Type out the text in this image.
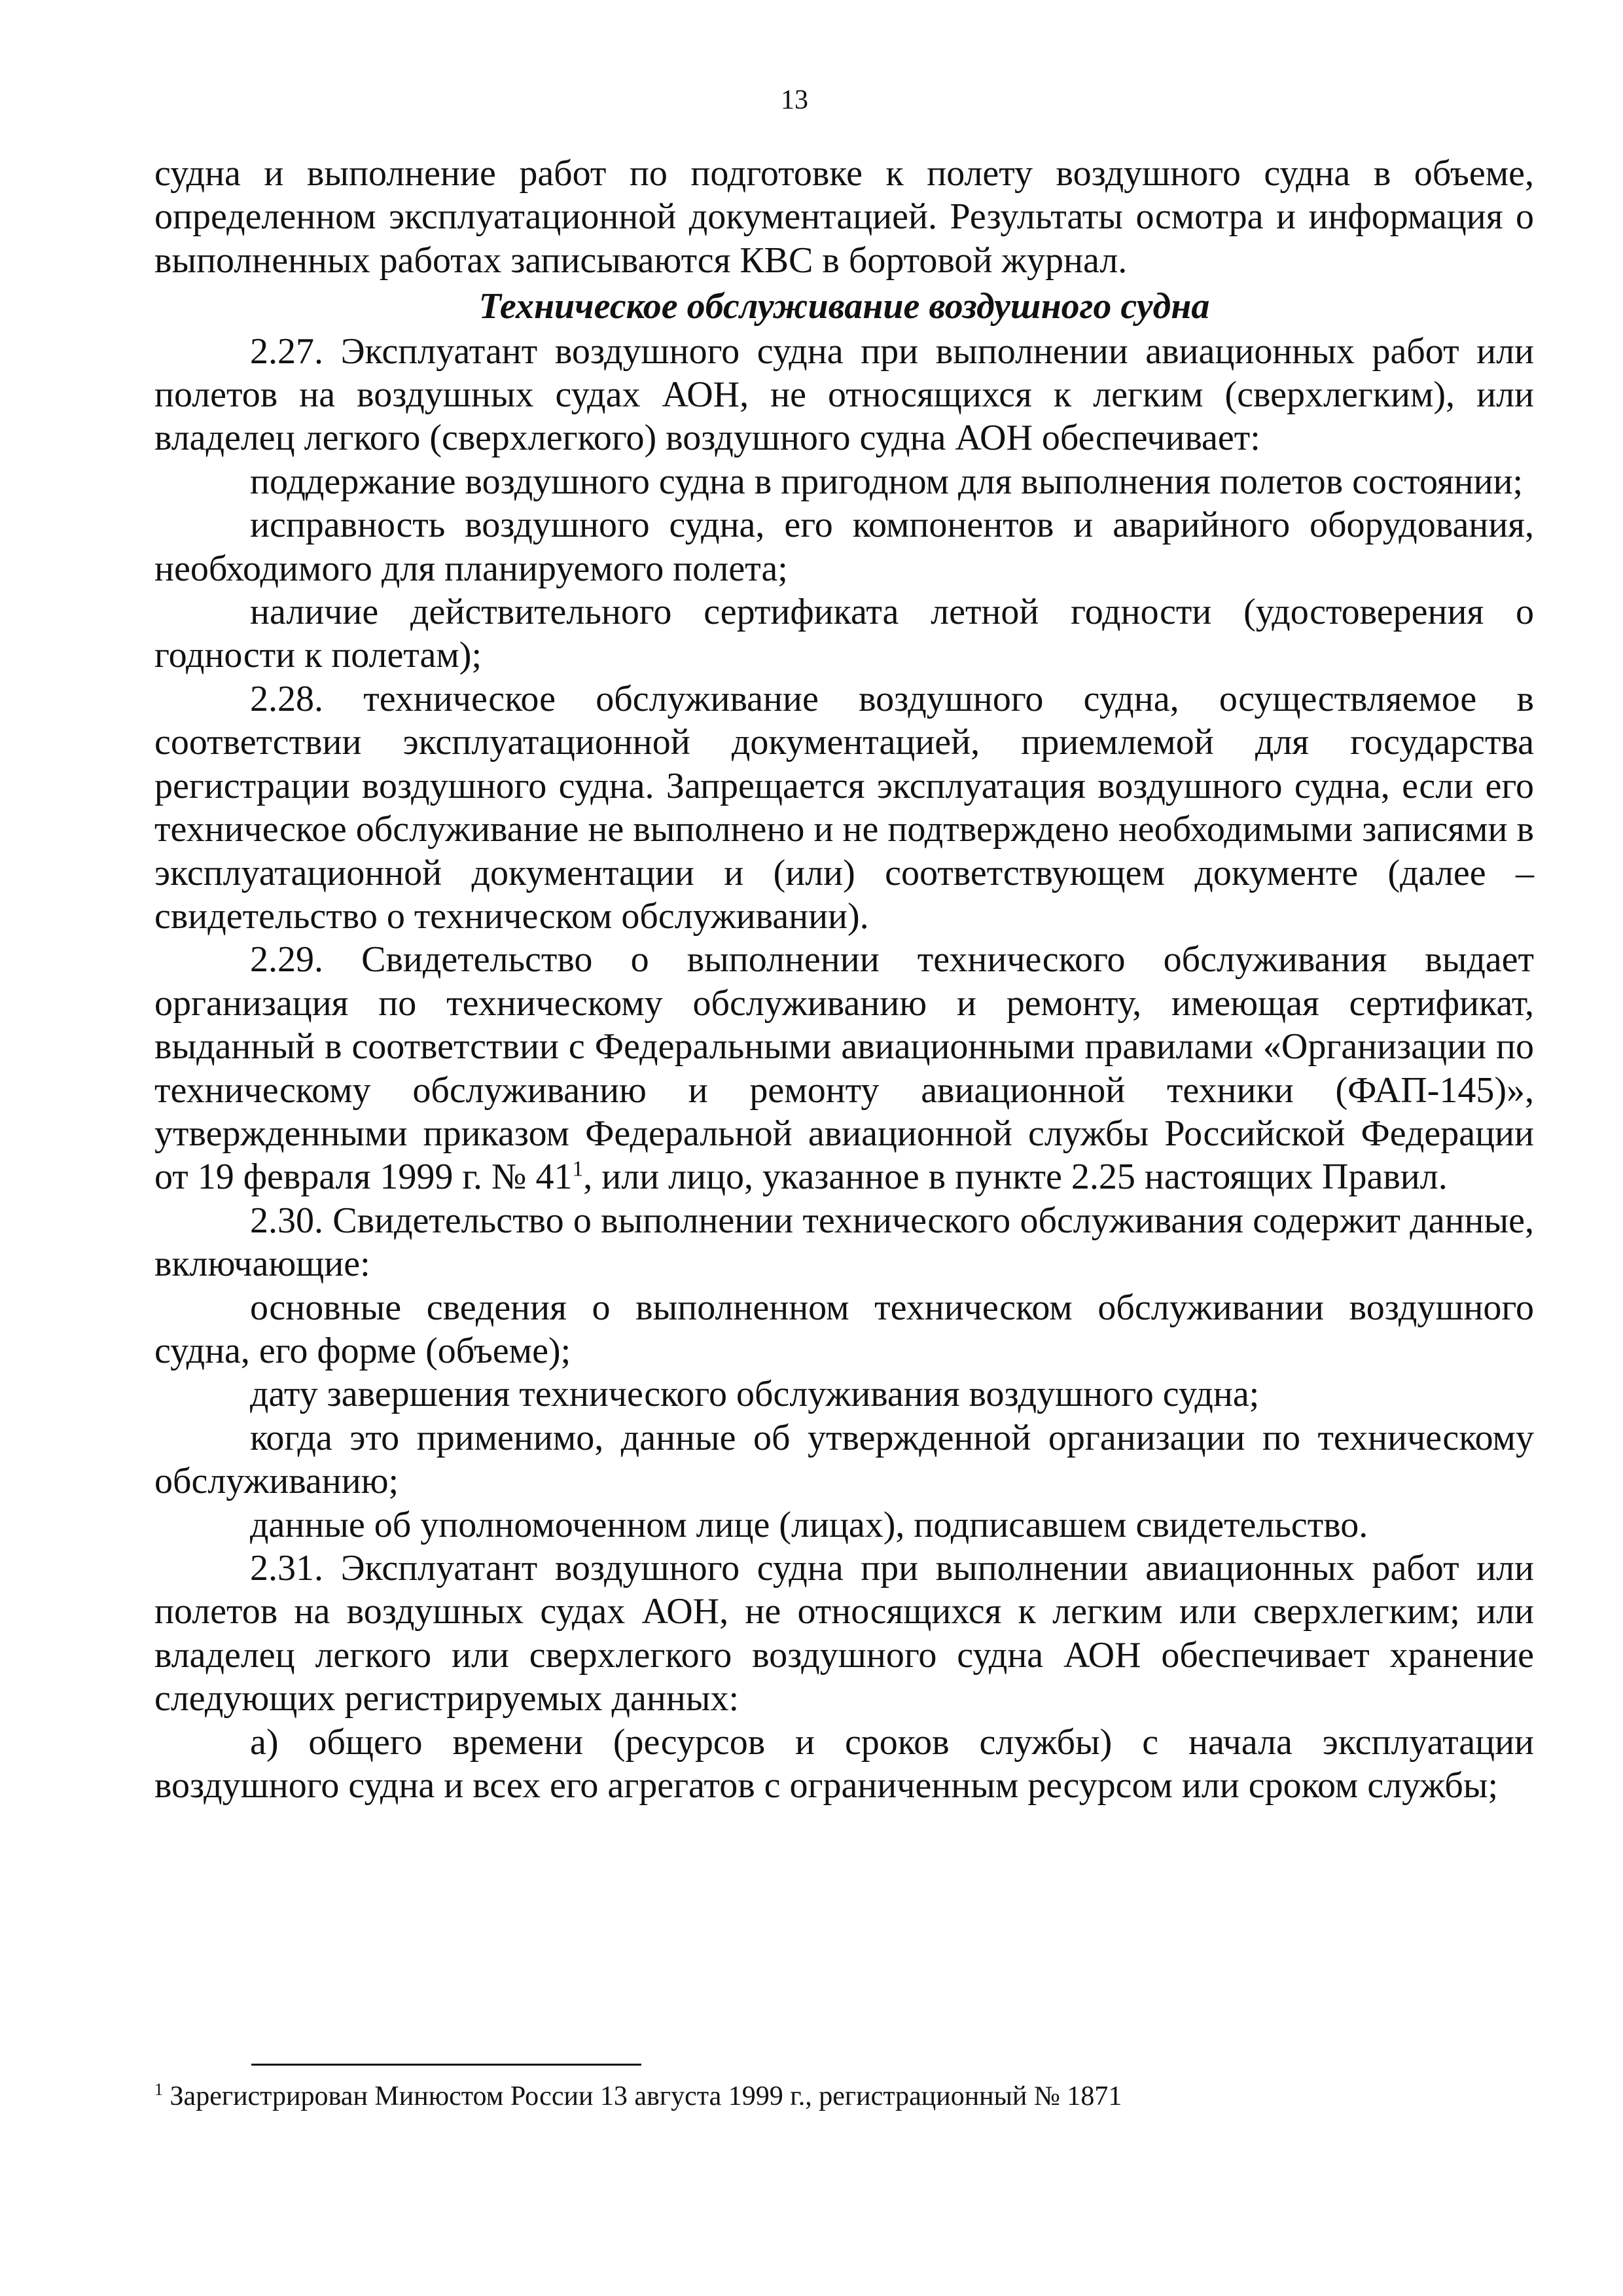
13

судна и выполнение работ по подготовке к полету воздушного судна в объеме, определенном эксплуатационной документацией. Результаты осмотра и информация о выполненных работах записываются КВС в бортовой журнал.

Техническое обслуживание воздушного судна

2.27. Эксплуатант воздушного судна при выполнении авиационных работ или полетов на воздушных судах АОН, не относящихся к легким (сверхлегким), или владелец легкого (сверхлегкого) воздушного судна АОН обеспечивает:

поддержание воздушного судна в пригодном для выполнения полетов состоянии;

исправность воздушного судна, его компонентов и аварийного оборудования, необходимого для планируемого полета;

наличие действительного сертификата летной годности (удостоверения о годности к полетам);

2.28. техническое обслуживание воздушного судна, осуществляемое в соответствии эксплуатационной документацией, приемлемой для государства регистрации воздушного судна. Запрещается эксплуатация воздушного судна, если его техническое обслуживание не выполнено и не подтверждено необходимыми записями в эксплуатационной документации и (или) соответствующем документе (далее – свидетельство о техническом обслуживании).

2.29. Свидетельство о выполнении технического обслуживания выдает организация по техническому обслуживанию и ремонту, имеющая сертификат, выданный в соответствии с Федеральными авиационными правилами «Организации по техническому обслуживанию и ремонту авиационной техники (ФАП-145)», утвержденными приказом Федеральной авиационной службы Российской Федерации от 19 февраля 1999 г. № $41^1$, или лицо, указанное в пункте 2.25 настоящих Правил.

2.30. Свидетельство о выполнении технического обслуживания содержит данные, включающие:

основные сведения о выполненном техническом обслуживании воздушного судна, его форме (объеме);

дату завершения технического обслуживания воздушного судна;

когда это применимо, данные об утвержденной организации по техническому обслуживанию;

данные об уполномоченном лице (лицах), подписавшем свидетельство.

2.31. Эксплуатант воздушного судна при выполнении авиационных работ или полетов на воздушных судах АОН, не относящихся к легким или сверхлегким; или владелец легкого или сверхлегкого воздушного судна АОН обеспечивает хранение следующих регистрируемых данных:

а) общего времени (ресурсов и сроков службы) с начала эксплуатации воздушного судна и всех его агрегатов с ограниченным ресурсом или сроком службы;

$^1$ Зарегистрирован Минюстом России 13 августа 1999 г., регистрационный № 1871
